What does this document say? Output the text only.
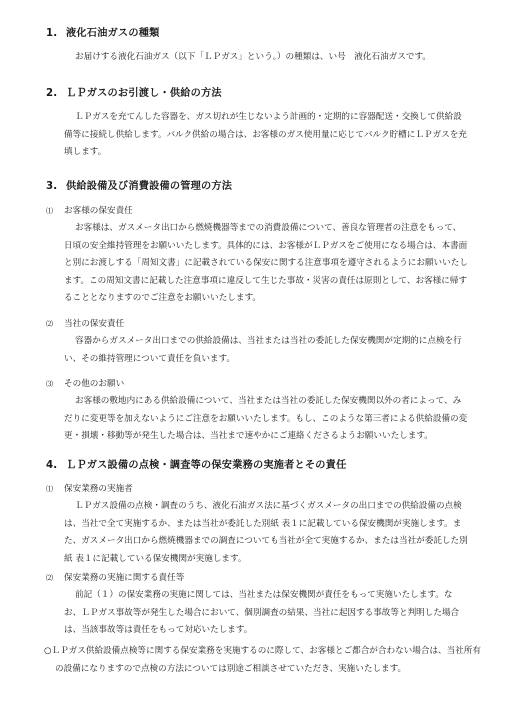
1. 液化石油ガスの種類

お届けする液化石油ガス（以下「ＬＰガス」という。）の種類は、い号　液化石油ガスです。

2. ＬＰガスのお引渡し・供給の方法

ＬＰガスを充てんした容器を、ガス切れが生じないよう計画的・定期的に容器配送・交換して供給設備等に接続し供給します。バルク供給の場合は、お客様のガス使用量に応じてバルク貯槽にＬＰガスを充填します。

3. 供給設備及び消費設備の管理の方法
⑴ お客様の保安責任

お客様は、ガスメータ出口から燃焼機器等までの消費設備について、善良な管理者の注意をもって、日頃の安全維持管理をお願いいたします。具体的には、お客様がＬＰガスをご使用になる場合は、本書面と別にお渡しする「周知文書」に記載されている保安に関する注意事項を遵守されるようにお願いいたします。この周知文書に記載した注意事項に違反して生じた事故・災害の責任は原則として、お客様に帰することとなりますのでご注意をお願いいたします。

⑵ 当社の保安責任

容器からガスメータ出口までの供給設備は、当社または当社の委託した保安機関が定期的に点検を行い、その維持管理について責任を負います。

⑶ その他のお願い

お客様の敷地内にある供給設備について、当社または当社の委託した保安機関以外の者によって、みだりに変更等を加えないようにご注意をお願いいたします。もし、このような第三者による供給設備の変更・損壊・移動等が発生した場合は、当社まで速やかにご連絡くださるようお願いいたします。

4. ＬＰガス設備の点検・調査等の保安業務の実施者とその責任
⑴ 保安業務の実施者

ＬＰガス設備の点検・調査のうち、液化石油ガス法に基づくガスメータの出口までの供給設備の点検は、当社で全て実施するか、または当社が委託した別紙 表１に記載している保安機関が実施します。また、ガスメータ出口から燃焼機器までの調査についても当社が全て実施するか、または当社が委託した別紙 表１に記載している保安機関が実施します。

⑵ 保安業務の実施に関する責任等

前記（１）の保安業務の実施に関しては、当社または保安機関が責任をもって実施いたします。なお、ＬＰガス事故等が発生した場合において、個別調査の結果、当社に起因する事故等と判明した場合は、当該事故等は責任をもって対応いたします。

○ＬＰガス供給設備点検等に関する保安業務を実施するのに際して、お客様とご都合が合わない場合は、当社所有の設備になりますので点検の方法については別途ご相談させていただき、実施いたします。
